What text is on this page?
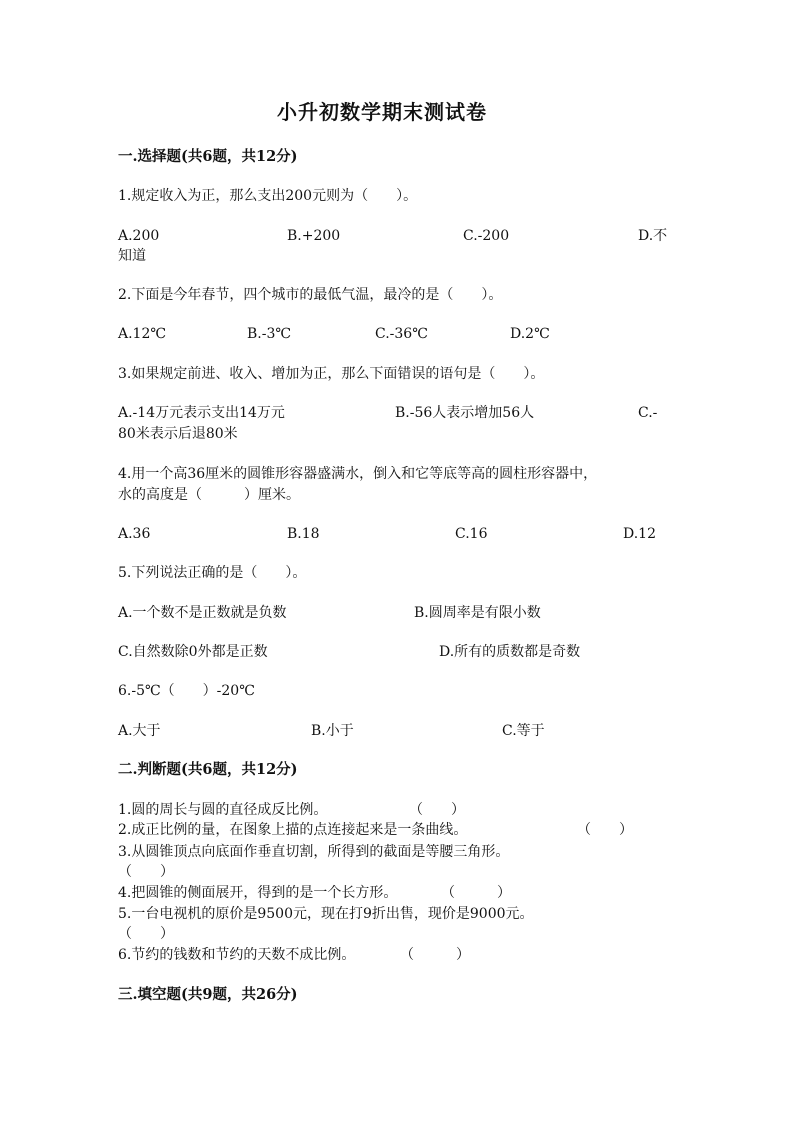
小升初数学期末测试卷
一.选择题(共6题，共12分)
1.规定收入为正，那么支出200元则为（　　）。
A.200	B.+200	C.-200	D.不
知道
2.下面是今年春节，四个城市的最低气温，最冷的是（　　）。
A.12℃	B.-3℃	C.-36℃	D.2℃
3.如果规定前进、收入、增加为正，那么下面错误的语句是（　　）。
A.-14万元表示支出14万元	B.-56人表示增加56人	C.-
80米表示后退80米
4.用一个高36厘米的圆锥形容器盛满水，倒入和它等底等高的圆柱形容器中，
水的高度是（　　　）厘米。
A.36	B.18	C.16	D.12
5.下列说法正确的是（　　）。
A.一个数不是正数就是负数	B.圆周率是有限小数
C.自然数除0外都是正数	D.所有的质数都是奇数
6.-5℃（　　）-20℃
A.大于	B.小于	C.等于
二.判断题(共6题，共12分)
1.圆的周长与圆的直径成反比例。	（　　）
2.成正比例的量，在图象上描的点连接起来是一条曲线。	（　　）
3.从圆锥顶点向底面作垂直切割，所得到的截面是等腰三角形。
（　　）
4.把圆锥的侧面展开，得到的是一个长方形。	（　　　）
5.一台电视机的原价是9500元，现在打9折出售，现价是9000元。
（　　）
6.节约的钱数和节约的天数不成比例。	（　　　）
三.填空题(共9题，共26分)
